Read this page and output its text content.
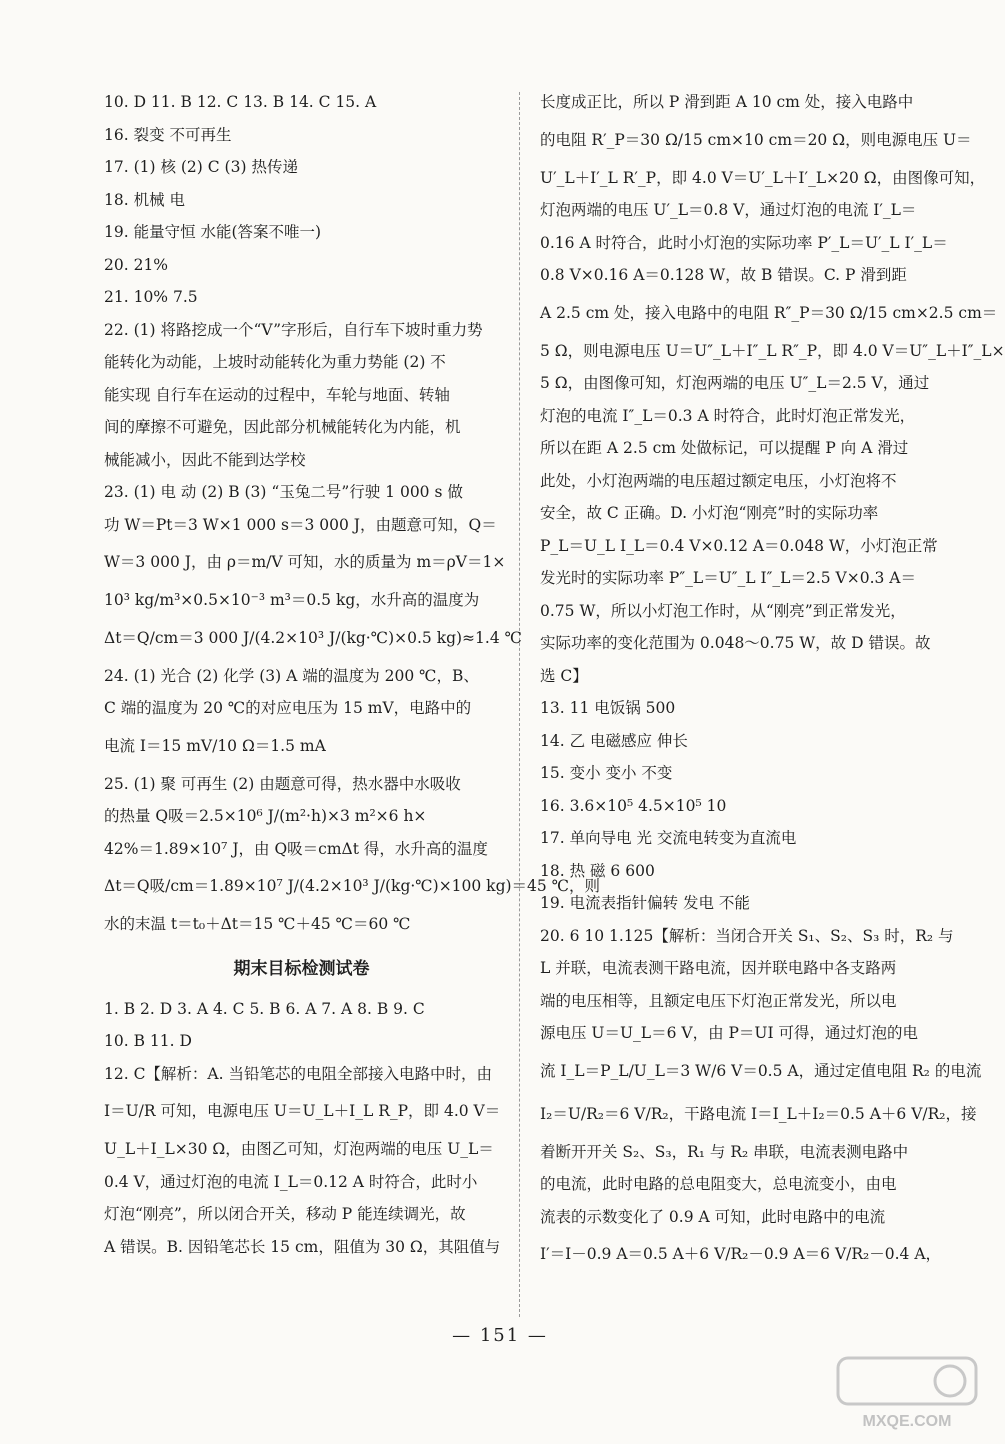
10. D 11. B 12. C 13. B 14. C 15. A
16. 裂变 不可再生
17. (1) 核 (2) C (3) 热传递
18. 机械 电
19. 能量守恒 水能(答案不唯一)
20. 21%
21. 10% 7.5
22. (1) 将路挖成一个“V”字形后，自行车下坡时重力势
能转化为动能，上坡时动能转化为重力势能 (2) 不
能实现 自行车在运动的过程中，车轮与地面、转轴
间的摩擦不可避免，因此部分机械能转化为内能，机
械能减小，因此不能到达学校
23. (1) 电 动 (2) B (3) “玉兔二号”行驶 1 000 s 做
功 W＝Pt＝3 W×1 000 s＝3 000 J，由题意可知，Q＝
W＝3 000 J，由 ρ＝m/V 可知，水的质量为 m＝ρV＝1×
10³ kg/m³×0.5×10⁻³ m³＝0.5 kg，水升高的温度为
Δt＝Q/cm＝3 000 J/(4.2×10³ J/(kg·℃)×0.5 kg)≈1.4 ℃
24. (1) 光合 (2) 化学 (3) A 端的温度为 200 ℃，B、
C 端的温度为 20 ℃的对应电压为 15 mV，电路中的
电流 I＝15 mV/10 Ω＝1.5 mA
25. (1) 聚 可再生 (2) 由题意可得，热水器中水吸收
的热量 Q吸＝2.5×10⁶ J/(m²·h)×3 m²×6 h×
42%＝1.89×10⁷ J，由 Q吸＝cmΔt 得，水升高的温度
Δt＝Q吸/cm＝1.89×10⁷ J/(4.2×10³ J/(kg·℃)×100 kg)＝45 ℃，则
水的末温 t＝t₀＋Δt＝15 ℃＋45 ℃＝60 ℃
期末目标检测试卷
1. B 2. D 3. A 4. C 5. B 6. A 7. A 8. B 9. C
10. B 11. D
12. C【解析：A. 当铅笔芯的电阻全部接入电路中时，由
I＝U/R 可知，电源电压 U＝U_L＋I_L R_P，即 4.0 V＝
U_L＋I_L×30 Ω，由图乙可知，灯泡两端的电压 U_L＝
0.4 V，通过灯泡的电流 I_L＝0.12 A 时符合，此时小
灯泡“刚亮”，所以闭合开关，移动 P 能连续调光，故
A 错误。B. 因铅笔芯长 15 cm，阻值为 30 Ω，其阻值与
长度成正比，所以 P 滑到距 A 10 cm 处，接入电路中
的电阻 R′_P＝30 Ω/15 cm×10 cm＝20 Ω，则电源电压 U＝
U′_L＋I′_L R′_P，即 4.0 V＝U′_L＋I′_L×20 Ω，由图像可知，
灯泡两端的电压 U′_L＝0.8 V，通过灯泡的电流 I′_L＝
0.16 A 时符合，此时小灯泡的实际功率 P′_L＝U′_L I′_L＝
0.8 V×0.16 A＝0.128 W，故 B 错误。C. P 滑到距
A 2.5 cm 处，接入电路中的电阻 R″_P＝30 Ω/15 cm×2.5 cm＝
5 Ω，则电源电压 U＝U″_L＋I″_L R″_P，即 4.0 V＝U″_L＋I″_L×
5 Ω，由图像可知，灯泡两端的电压 U″_L＝2.5 V，通过
灯泡的电流 I″_L＝0.3 A 时符合，此时灯泡正常发光，
所以在距 A 2.5 cm 处做标记，可以提醒 P 向 A 滑过
此处，小灯泡两端的电压超过额定电压，小灯泡将不
安全，故 C 正确。D. 小灯泡“刚亮”时的实际功率
P_L＝U_L I_L＝0.4 V×0.12 A＝0.048 W，小灯泡正常
发光时的实际功率 P″_L＝U″_L I″_L＝2.5 V×0.3 A＝
0.75 W，所以小灯泡工作时，从“刚亮”到正常发光，
实际功率的变化范围为 0.048～0.75 W，故 D 错误。故
选 C】
13. 11 电饭锅 500
14. 乙 电磁感应 伸长
15. 变小 变小 不变
16. 3.6×10⁵ 4.5×10⁵ 10
17. 单向导电 光 交流电转变为直流电
18. 热 磁 6 600
19. 电流表指针偏转 发电 不能
20. 6 10 1.125【解析：当闭合开关 S₁、S₂、S₃ 时，R₂ 与
L 并联，电流表测干路电流，因并联电路中各支路两
端的电压相等，且额定电压下灯泡正常发光，所以电
源电压 U＝U_L＝6 V，由 P＝UI 可得，通过灯泡的电
流 I_L＝P_L/U_L＝3 W/6 V＝0.5 A，通过定值电阻 R₂ 的电流
I₂＝U/R₂＝6 V/R₂，干路电流 I＝I_L＋I₂＝0.5 A＋6 V/R₂，接
着断开开关 S₂、S₃，R₁ 与 R₂ 串联，电流表测电路中
的电流，此时电路的总电阻变大，总电流变小，由电
流表的示数变化了 0.9 A 可知，此时电路中的电流
I′＝I－0.9 A＝0.5 A＋6 V/R₂－0.9 A＝6 V/R₂－0.4 A，
— 151 —
MXQE.COM
